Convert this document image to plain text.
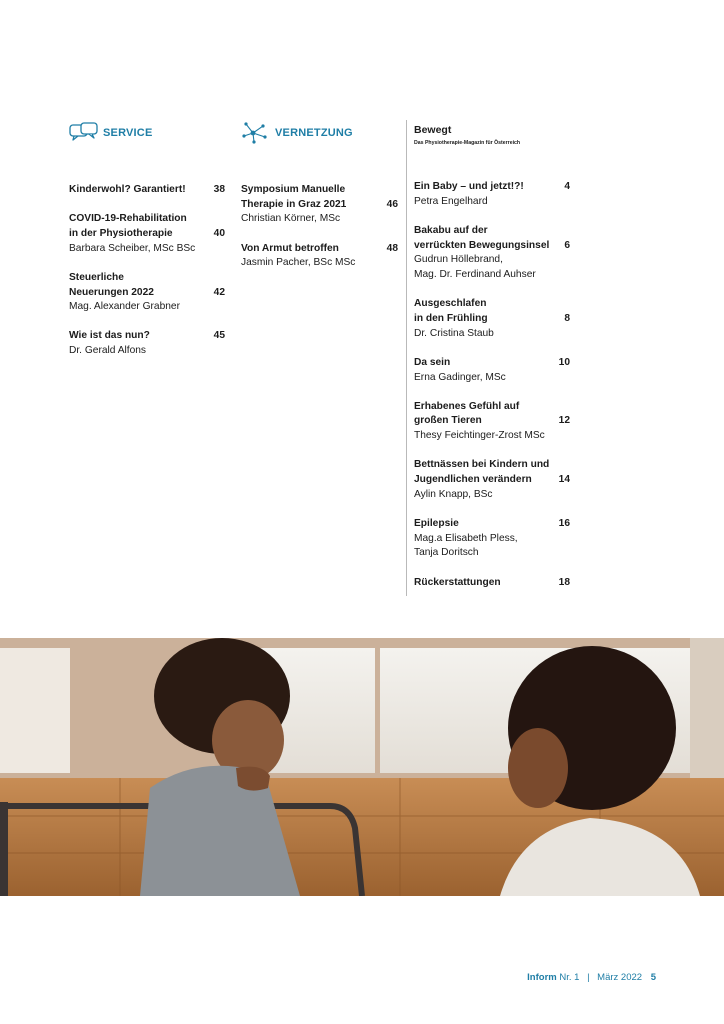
SERVICE
Kinderwohl? Garantiert!	38
COVID-19-Rehabilitation
in der Physiotherapie	40
Barbara Scheiber, MSc BSc
Steuerliche
Neuerungen 2022	42
Mag. Alexander Grabner
Wie ist das nun?	45
Dr. Gerald Alfons
VERNETZUNG
Symposium Manuelle
Therapie in Graz 2021	46
Christian Körner, MSc
Von Armut betroffen	48
Jasmin Pacher, BSc MSc
Bewegt
Das Physiotherapie-Magazin für Österreich
Ein Baby – und jetzt!?!	4
Petra Engelhard
Bakabu auf der
verrückten Bewegungsinsel	6
Gudrun Höllebrand,
Mag. Dr. Ferdinand Auhser
Ausgeschlafen
in den Frühling	8
Dr. Cristina Staub
Da sein	10
Erna Gadinger, MSc
Erhabenes Gefühl auf
großen Tieren	12
Thesy Feichtinger-Zrost MSc
Bettnässen bei Kindern und
Jugendlichen verändern	14
Aylin Knapp, BSc
Epilepsie	16
Mag.a Elisabeth Pless,
Tanja Doritsch
Rückerstattungen	18
Inform Nr. 1 | März 2022 5
